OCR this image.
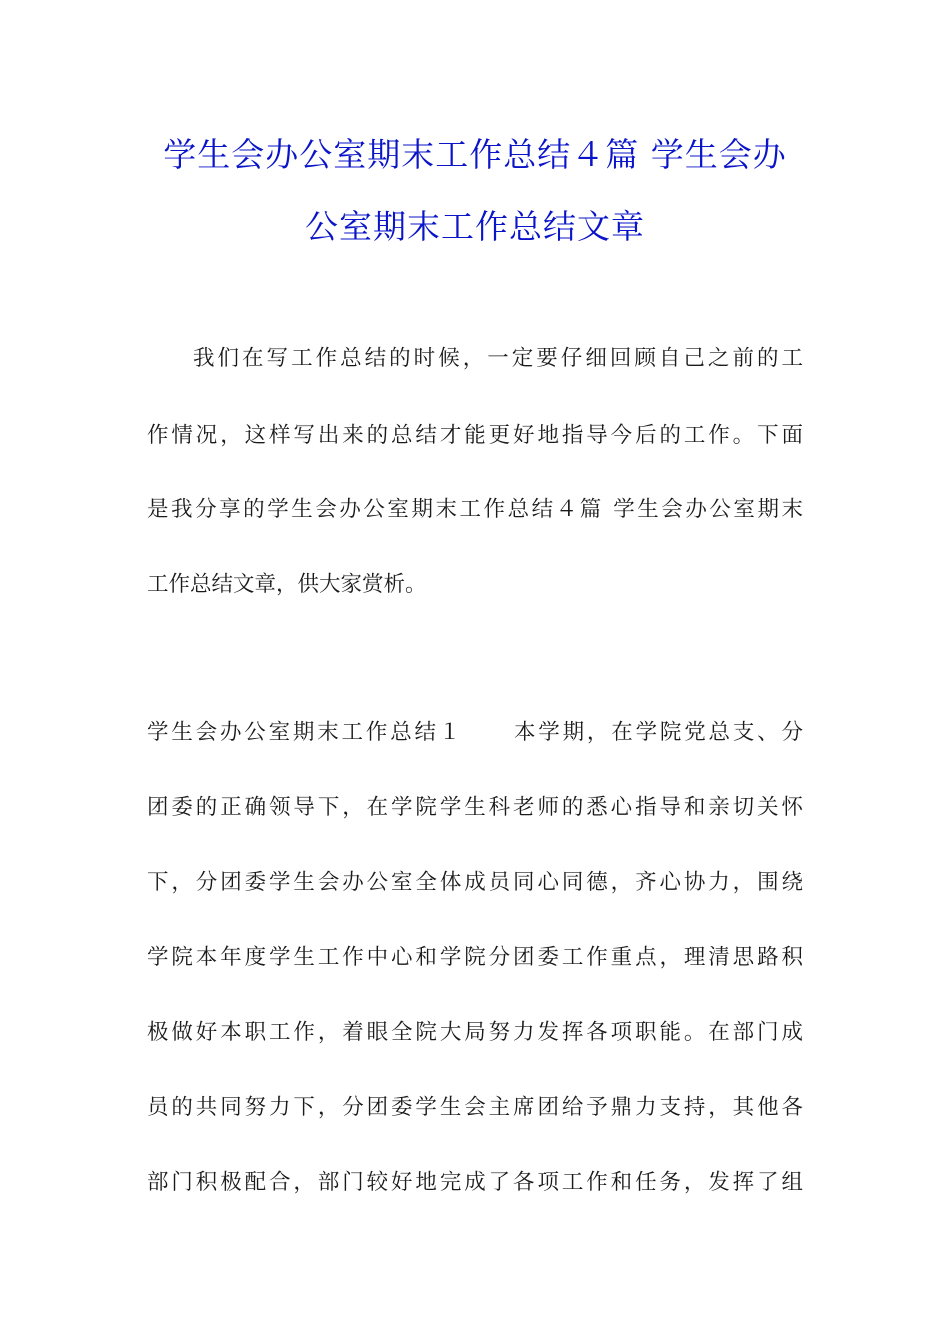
学生会办公室期末工作总结４篇 学生会办
公室期末工作总结文章
我们在写工作总结的时候，一定要仔细回顾自己之前的工
作情况，这样写出来的总结才能更好地指导今后的工作。下面
是我分享的学生会办公室期末工作总结４篇 学生会办公室期末
工作总结文章，供大家赏析。
学生会办公室期末工作总结１ 本学期，在学院党总支、分
团委的正确领导下，在学院学生科老师的悉心指导和亲切关怀
下，分团委学生会办公室全体成员同心同德，齐心协力，围绕
学院本年度学生工作中心和学院分团委工作重点，理清思路积
极做好本职工作，着眼全院大局努力发挥各项职能。在部门成
员的共同努力下，分团委学生会主席团给予鼎力支持，其他各
部门积极配合，部门较好地完成了各项工作和任务，发挥了组
